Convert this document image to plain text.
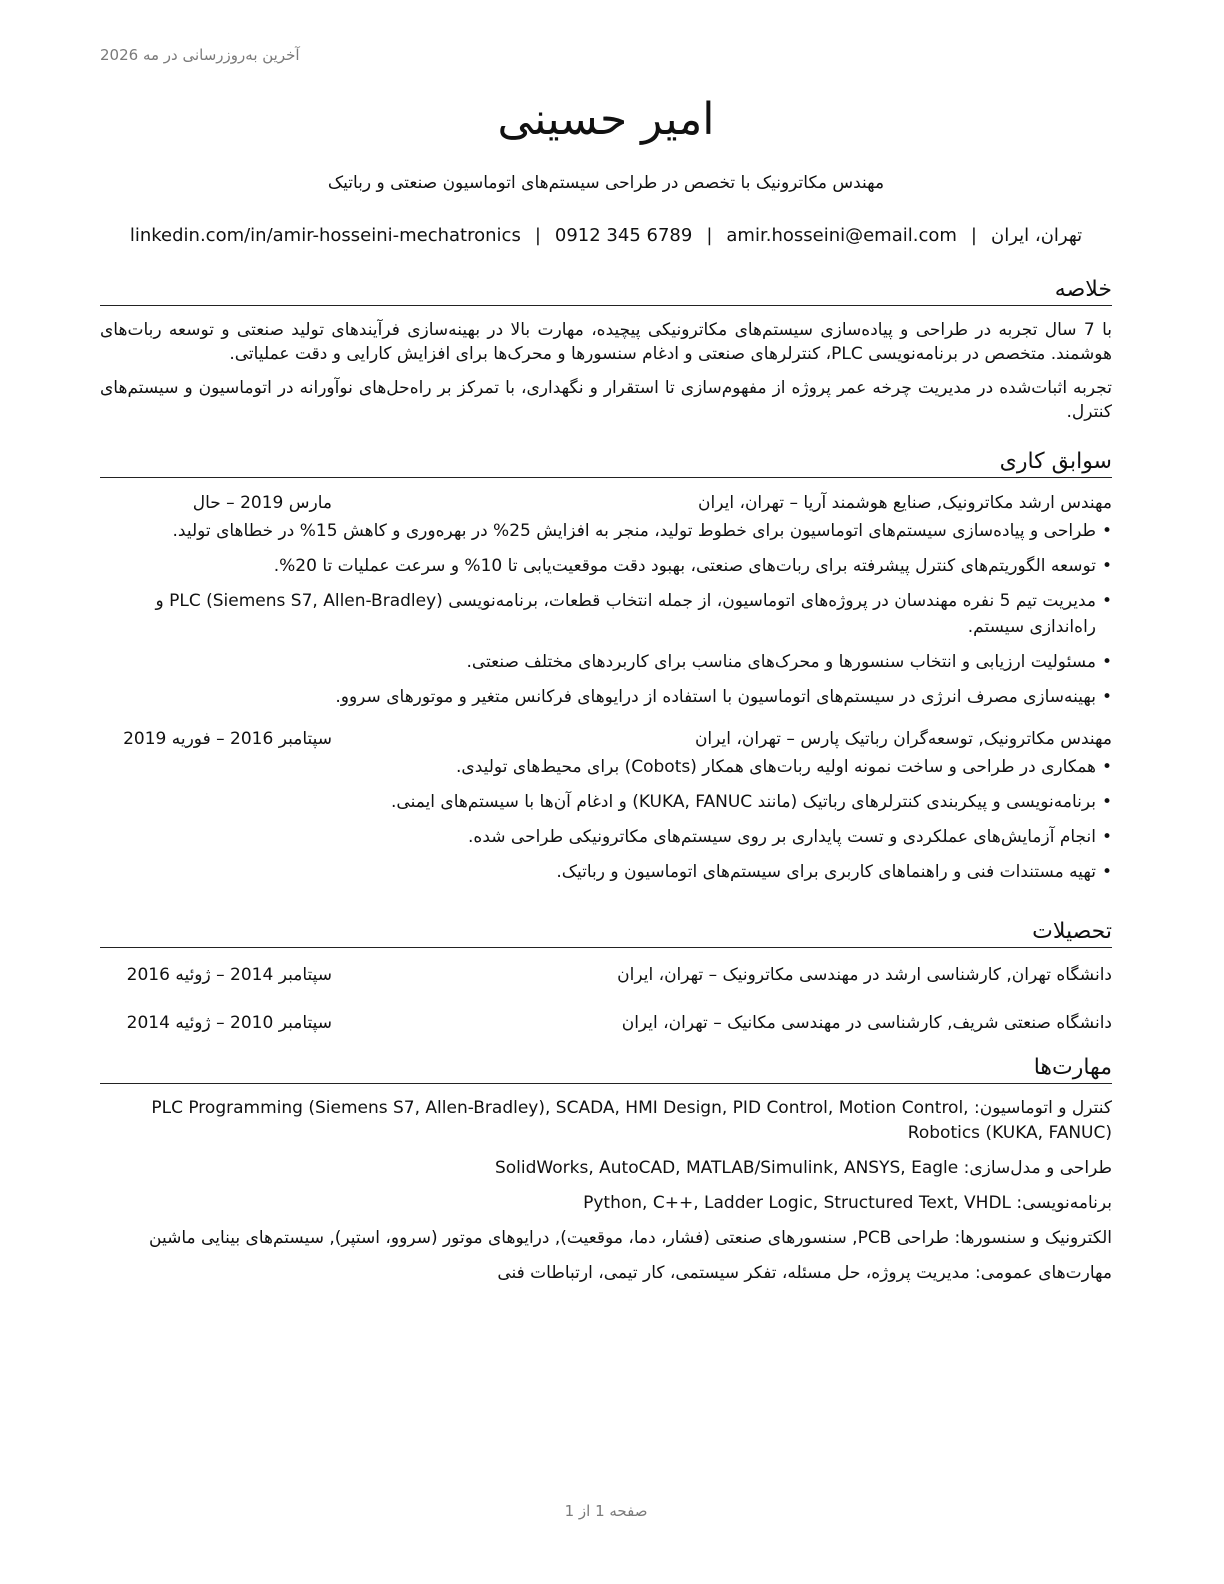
آخرین به‌روزرسانی در مه 2026
امیر حسینی
مهندس مکاترونیک با تخصص در طراحی سیستم‌های اتوماسیون صنعتی و رباتیک
تهران، ایران|amir.hosseini@email.com|0912 345 6789|linkedin.com/in/amir-hosseini-mechatronics
خلاصه

با 7 سال تجربه در طراحی و پیاده‌سازی سیستم‌های مکاترونیکی پیچیده، مهارت بالا در بهینه‌سازی فرآیندهای تولید صنعتی و توسعه ربات‌های هوشمند. متخصص در برنامه‌نویسی PLC، کنترلرهای صنعتی و ادغام سنسورها و محرک‌ها برای افزایش کارایی و دقت عملیاتی.

تجربه اثبات‌شده در مدیریت چرخه عمر پروژه از مفهوم‌سازی تا استقرار و نگهداری، با تمرکز بر راه‌حل‌های نوآورانه در اتوماسیون و سیستم‌های کنترل.

سوابق کاری
مهندس ارشد مکاترونیک, صنایع هوشمند آریا – تهران، ایران
مارس 2019 – حال
•
طراحی و پیاده‌سازی سیستم‌های اتوماسیون برای خطوط تولید، منجر به افزایش 25% در بهره‌وری و کاهش 15% در خطاهای تولید.
•
توسعه الگوریتم‌های کنترل پیشرفته برای ربات‌های صنعتی، بهبود دقت موقعیت‌یابی تا 10% و سرعت عملیات تا 20%.
•
مدیریت تیم 5 نفره مهندسان در پروژه‌های اتوماسیون، از جمله انتخاب قطعات، برنامه‌نویسی PLC (Siemens S7, Allen-Bradley) و راه‌اندازی سیستم.
•
مسئولیت ارزیابی و انتخاب سنسورها و محرک‌های مناسب برای کاربردهای مختلف صنعتی.
•
بهینه‌سازی مصرف انرژی در سیستم‌های اتوماسیون با استفاده از درایوهای فرکانس متغیر و موتورهای سروو.
مهندس مکاترونیک, توسعه‌گران رباتیک پارس – تهران، ایران
سپتامبر 2016 – فوریه 2019
•
همکاری در طراحی و ساخت نمونه اولیه ربات‌های همکار (Cobots) برای محیط‌های تولیدی.
•
برنامه‌نویسی و پیکربندی کنترلرهای رباتیک (مانند KUKA, FANUC) و ادغام آن‌ها با سیستم‌های ایمنی.
•
انجام آزمایش‌های عملکردی و تست پایداری بر روی سیستم‌های مکاترونیکی طراحی شده.
•
تهیه مستندات فنی و راهنماهای کاربری برای سیستم‌های اتوماسیون و رباتیک.
تحصیلات
دانشگاه تهران, کارشناسی ارشد در مهندسی مکاترونیک – تهران، ایران
سپتامبر 2014 – ژوئیه 2016
دانشگاه صنعتی شریف, کارشناسی در مهندسی مکانیک – تهران، ایران
سپتامبر 2010 – ژوئیه 2014
مهارت‌ها

کنترل و اتوماسیون: PLC Programming (Siemens S7, Allen-Bradley), SCADA, HMI Design, PID Control, Motion Control, Robotics (KUKA, FANUC)

طراحی و مدل‌سازی: SolidWorks, AutoCAD, MATLAB/Simulink, ANSYS, Eagle

برنامه‌نویسی: Python, C++, Ladder Logic, Structured Text, VHDL

الکترونیک و سنسورها: طراحی PCB, سنسورهای صنعتی (فشار، دما، موقعیت), درایوهای موتور (سروو، استپر), سیستم‌های بینایی ماشین

مهارت‌های عمومی: مدیریت پروژه، حل مسئله، تفکر سیستمی، کار تیمی، ارتباطات فنی

صفحه 1 از 1
